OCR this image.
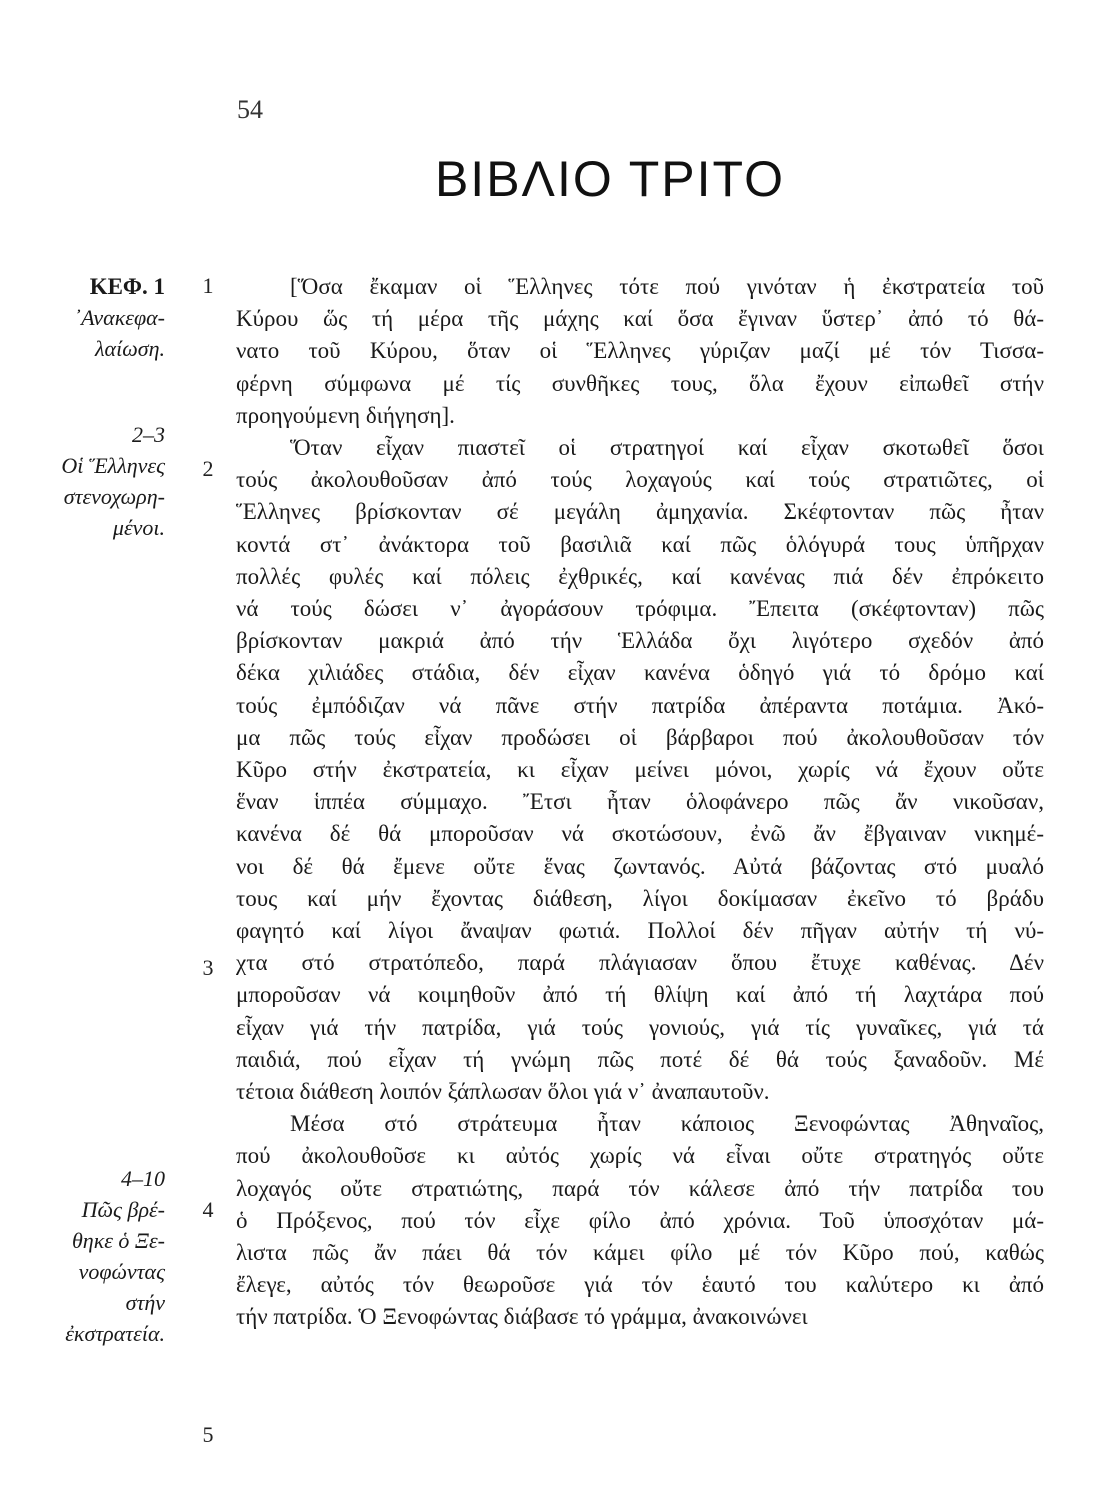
54
ΒΙΒΛΙΟ ΤΡΙΤΟ
ΚΕΦ. 1
᾿Ανακεφα-
λαίωση.
2–3
Οἱ Ἕλληνες
στενοχωρη-
μένοι.
4–10
Πῶς βρέ-
θηκε ὁ Ξε-
νοφώντας
στήν
ἐκστρατεία.
1
2
3
4
5
[Ὅσα ἔκαμαν οἱ Ἕλληνες τότε πού γινόταν ἡ ἐκστρατεία τοῦ
Κύρου ὥς τή μέρα τῆς μάχης καί ὅσα ἔγιναν ὕστερ᾿ ἀπό τό θά-
νατο τοῦ Κύρου, ὅταν οἱ Ἕλληνες γύριζαν μαζί μέ τόν Τισσα-
φέρνη σύμφωνα μέ τίς συνθῆκες τους, ὅλα ἔχουν εἰπωθεῖ στήν
προηγούμενη διήγηση].
Ὅταν εἶχαν πιαστεῖ οἱ στρατηγοί καί εἶχαν σκοτωθεῖ ὅσοι
τούς ἀκολουθοῦσαν ἀπό τούς λοχαγούς καί τούς στρατιῶτες, οἱ
Ἕλληνες βρίσκονταν σέ μεγάλη ἀμηχανία. Σκέφτονταν πῶς ἦταν
κοντά στ᾿ ἀνάκτορα τοῦ βασιλιᾶ καί πῶς ὁλόγυρά τους ὑπῆρχαν
πολλές φυλές καί πόλεις ἐχθρικές, καί κανένας πιά δέν ἐπρόκειτο
νά τούς δώσει ν᾿ ἀγοράσουν τρόφιμα. Ἔπειτα (σκέφτονταν) πῶς
βρίσκονταν μακριά ἀπό τήν Ἑλλάδα ὄχι λιγότερο σχεδόν ἀπό
δέκα χιλιάδες στάδια, δέν εἶχαν κανένα ὁδηγό γιά τό δρόμο καί
τούς ἐμπόδιζαν νά πᾶνε στήν πατρίδα ἀπέραντα ποτάμια. Ἀκό-
μα πῶς τούς εἶχαν προδώσει οἱ βάρβαροι πού ἀκολουθοῦσαν τόν
Κῦρο στήν ἐκστρατεία, κι εἶχαν μείνει μόνοι, χωρίς νά ἔχουν οὔτε
ἕναν ἱππέα σύμμαχο. Ἔτσι ἦταν ὁλοφάνερο πῶς ἄν νικοῦσαν,
κανένα δέ θά μποροῦσαν νά σκοτώσουν, ἐνῶ ἄν ἔβγαιναν νικημέ-
νοι δέ θά ἔμενε οὔτε ἕνας ζωντανός. Αὐτά βάζοντας στό μυαλό
τους καί μήν ἔχοντας διάθεση, λίγοι δοκίμασαν ἐκεῖνο τό βράδυ
φαγητό καί λίγοι ἄναψαν φωτιά. Πολλοί δέν πῆγαν αὐτήν τή νύ-
χτα στό στρατόπεδο, παρά πλάγιασαν ὅπου ἔτυχε καθένας. Δέν
μποροῦσαν νά κοιμηθοῦν ἀπό τή θλίψη καί ἀπό τή λαχτάρα πού
εἶχαν γιά τήν πατρίδα, γιά τούς γονιούς, γιά τίς γυναῖκες, γιά τά
παιδιά, πού εἶχαν τή γνώμη πῶς ποτέ δέ θά τούς ξαναδοῦν. Μέ
τέτοια διάθεση λοιπόν ξάπλωσαν ὅλοι γιά ν᾿ ἀναπαυτοῦν.
Μέσα στό στράτευμα ἦταν κάποιος Ξενοφώντας Ἀθηναῖος,
πού ἀκολουθοῦσε κι αὐτός χωρίς νά εἶναι οὔτε στρατηγός οὔτε
λοχαγός οὔτε στρατιώτης, παρά τόν κάλεσε ἀπό τήν πατρίδα του
ὁ Πρόξενος, πού τόν εἶχε φίλο ἀπό χρόνια. Τοῦ ὑποσχόταν μά-
λιστα πῶς ἄν πάει θά τόν κάμει φίλο μέ τόν Κῦρο πού, καθώς
ἔλεγε, αὐτός τόν θεωροῦσε γιά τόν ἑαυτό του καλύτερο κι ἀπό
τήν πατρίδα. Ὁ Ξενοφώντας διάβασε τό γράμμα, ἀνακοινώνει
